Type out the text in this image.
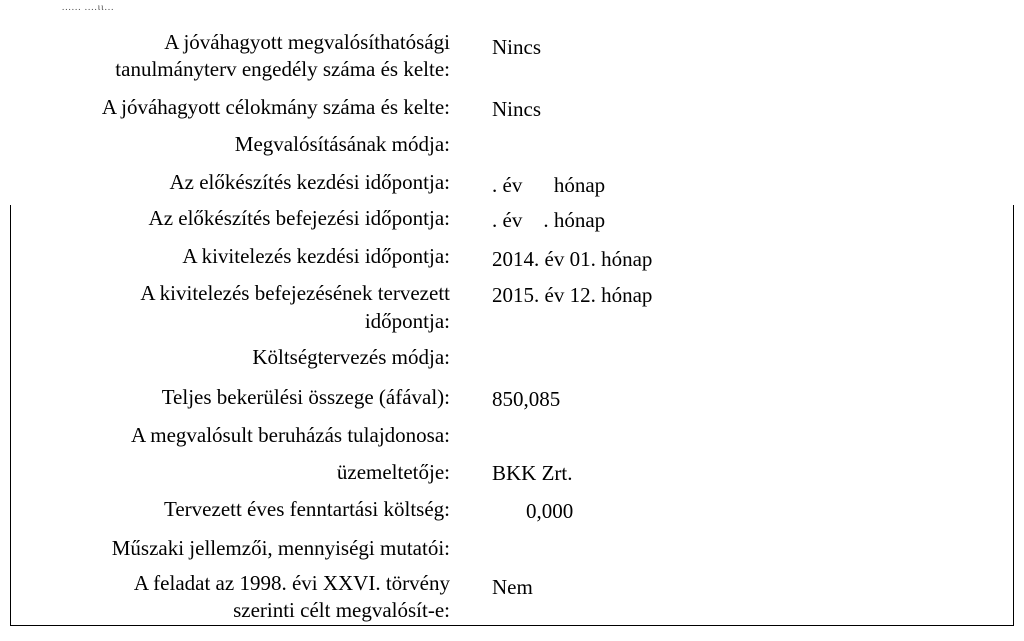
...... ....ιι...
A jóváhagyott megvalósíthatósági
tanulmányterv engedély száma és kelte:
Nincs
A jóváhagyott célokmány száma és kelte: Nincs
Megvalósításának módja:
Az előkészítés kezdési időpontja: . év      hónap
Az előkészítés befejezési időpontja: . év    . hónap
A kivitelezés kezdési időpontja: 2014. év 01. hónap
A kivitelezés befejezésének tervezett
időpontja:
2015. év 12. hónap
Költségtervezés módja:
Teljes bekerülési összege (áfával): 850,085
A megvalósult beruházás tulajdonosa:
üzemeltetője: BKK Zrt.
Tervezett éves fenntartási költség:	0,000
Műszaki jellemzői, mennyiségi mutatói:
A feladat az 1998. évi XXVI. törvény
szerinti célt megvalósít-e:
Nem
